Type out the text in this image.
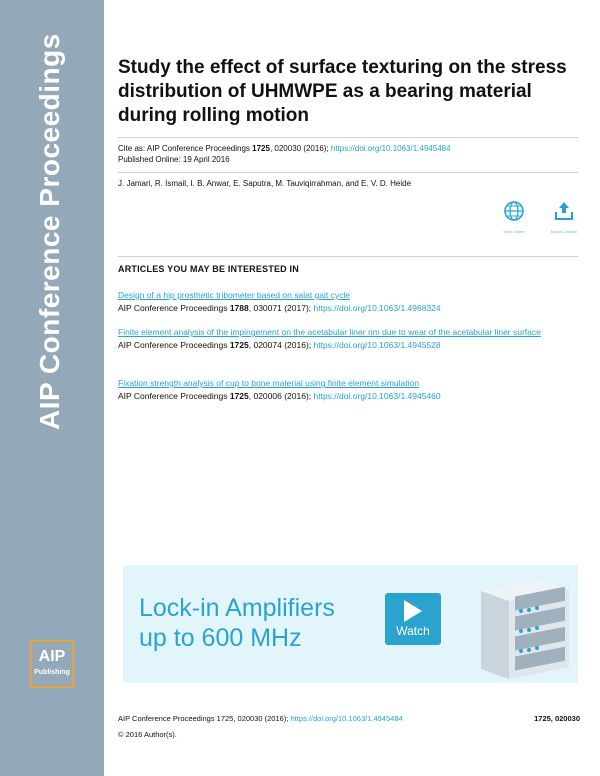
AIP Conference Proceedings
AIP
Publishing
Study the effect of surface texturing on the stress distribution of UHMWPE as a bearing material during rolling motion
Cite as: AIP Conference Proceedings 1725, 020030 (2016); https://doi.org/10.1063/1.4945484
Published Online: 19 April 2016
J. Jamari, R. Ismail, I. B. Anwar, E. Saputra, M. Tauviqirrahman, and E. V. D. Heide
View Online	Export Citation
ARTICLES YOU MAY BE INTERESTED IN
Design of a hip prosthetic tribometer based on salat gait cycle
AIP Conference Proceedings 1788, 030071 (2017); https://doi.org/10.1063/1.4968324
Finite element analysis of the impingement on the acetabular liner rim due to wear of the acetabular liner surface
AIP Conference Proceedings 1725, 020074 (2016); https://doi.org/10.1063/1.4945528
Fixation strength analysis of cup to bone material using finite element simulation
AIP Conference Proceedings 1725, 020006 (2016); https://doi.org/10.1063/1.4945460
Lock-in Amplifiers
up to 600 MHz	Watch
AIP Conference Proceedings 1725, 020030 (2016); https://doi.org/10.1063/1.4945484	1725, 020030
© 2016 Author(s).
